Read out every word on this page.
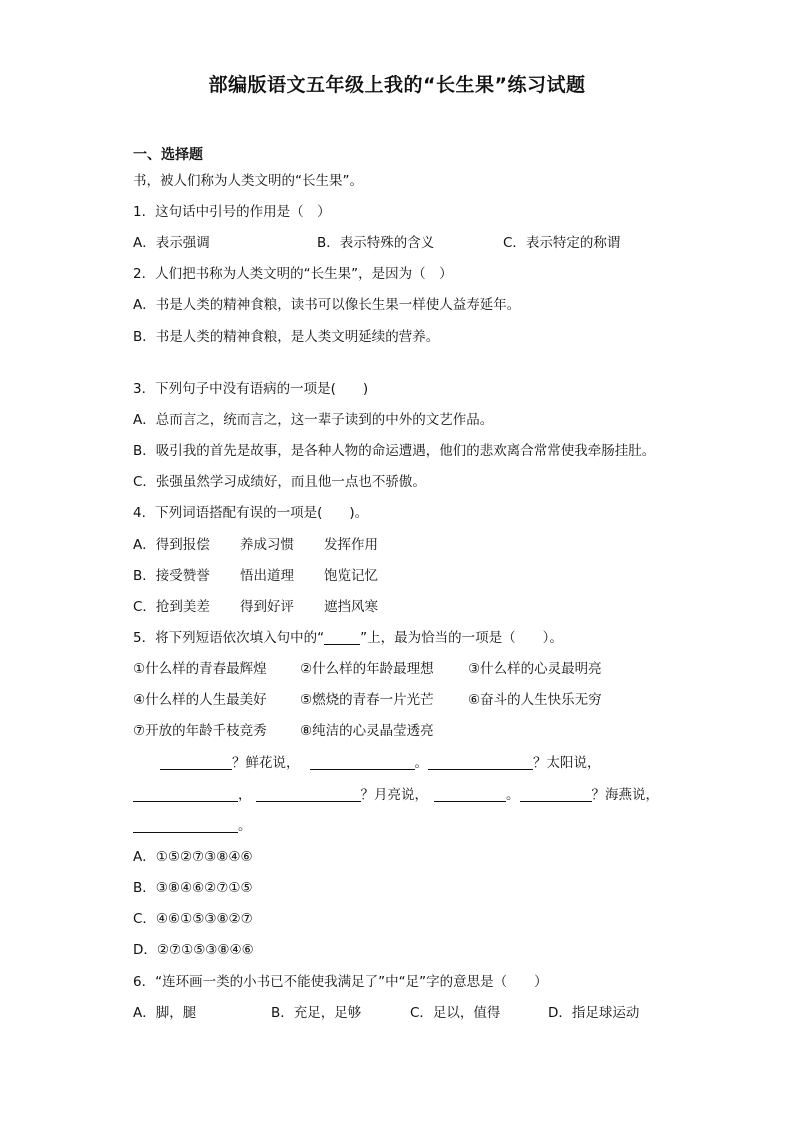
部编版语文五年级上我的“长生果”练习试题
一、选择题
书，被人们称为人类文明的“长生果”。
1．这句话中引号的作用是（　）
A．表示强调	B．表示特殊的含义	C．表示特定的称谓
2．人们把书称为人类文明的“长生果”，是因为（　）
A．书是人类的精神食粮，读书可以像长生果一样使人益寿延年。
B．书是人类的精神食粮，是人类文明延续的营养。
3．下列句子中没有语病的一项是(　　)
A．总而言之，统而言之，这一辈子读到的中外的文艺作品。
B．吸引我的首先是故事，是各种人物的命运遭遇，他们的悲欢离合常常使我牵肠挂肚。
C．张强虽然学习成绩好，而且他一点也不骄傲。
4．下列词语搭配有误的一项是(　　)。
A．得到报偿 养成习惯 发挥作用
B．接受赞誉 悟出道理 饱览记忆
C．抢到美差 得到好评 遮挡风寒
5．将下列短语依次填入句中的“	”上，最为恰当的一项是（　　）。
①什么样的青春最辉煌 ②什么样的年龄最理想	③什么样的心灵最明亮
④什么样的人生最美好 ⑤燃烧的青春一片光芒	⑥奋斗的人生快乐无穷
⑦开放的年龄千枝竞秀 ⑧纯洁的心灵晶莹透亮
？鲜花说，	。	？太阳说，
，	？月亮说，	。	？海燕说，
。
A．①⑤②⑦③⑧④⑥
B．③⑧④⑥②⑦①⑤
C．④⑥①⑤③⑧②⑦
D．②⑦①⑤③⑧④⑥
6．“连环画一类的小书已不能使我满足了”中“足”字的意思是（　　）
A．脚，腿	B．充足，足够	C．足以，值得	D．指足球运动
